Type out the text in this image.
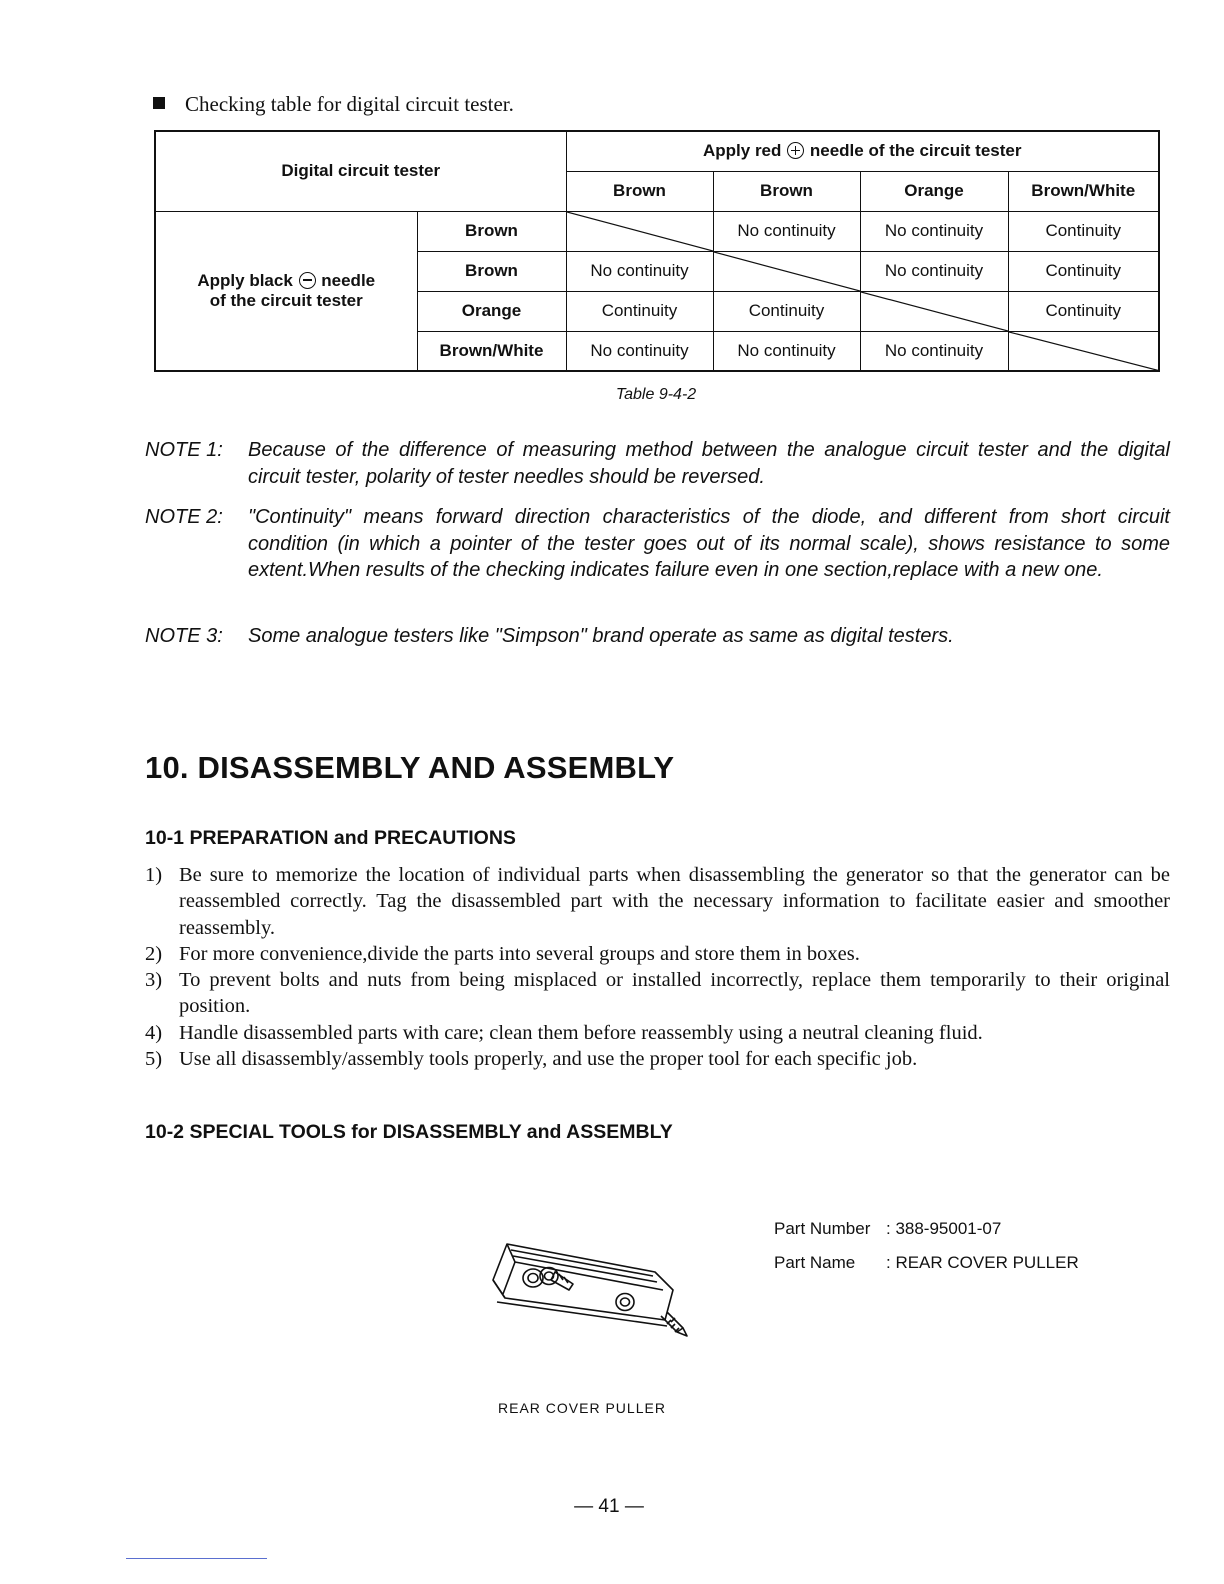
Checking table for digital circuit tester.
Digital circuit tester		Apply red needle of the circuit tester			
		Brown	Brown	Orange	Brown/White
Apply black needle
of the circuit tester	Brown		No continuity	No continuity	Continuity
	Brown	No continuity		No continuity	Continuity
	Orange	Continuity	Continuity		Continuity
	Brown/White	No continuity	No continuity	No continuity	
Table 9-4-2
NOTE 1: Because of the difference of measuring method between the analogue circuit tester and the digital circuit tester, polarity of tester needles should be reversed.
NOTE 2: "Continuity" means forward direction characteristics of the diode, and different from short circuit condition (in which a pointer of the tester goes out of its normal scale), shows resistance to some extent.When results of the checking indicates failure even in one section,replace with a new one.
NOTE 3: Some analogue testers like "Simpson" brand operate as same as digital testers.
10. DISASSEMBLY AND ASSEMBLY
10-1 PREPARATION and PRECAUTIONS
1) Be sure to memorize the location of individual parts when disassembling the generator so that the generator can be reassembled correctly. Tag the disassembled part with the necessary information to facilitate easier and smoother reassembly.
2) For more convenience,divide the parts into several groups and store them in boxes.
3) To prevent bolts and nuts from being misplaced or installed incorrectly, replace them temporarily to their original position.
4) Handle disassembled parts with care; clean them before reassembly using a neutral cleaning fluid.
5) Use all disassembly/assembly tools properly, and use the proper tool for each specific job.
10-2 SPECIAL TOOLS for DISASSEMBLY and ASSEMBLY
REAR COVER PULLER
Part Number : 388-95001-07
Part Name : REAR COVER PULLER
— 41 —
